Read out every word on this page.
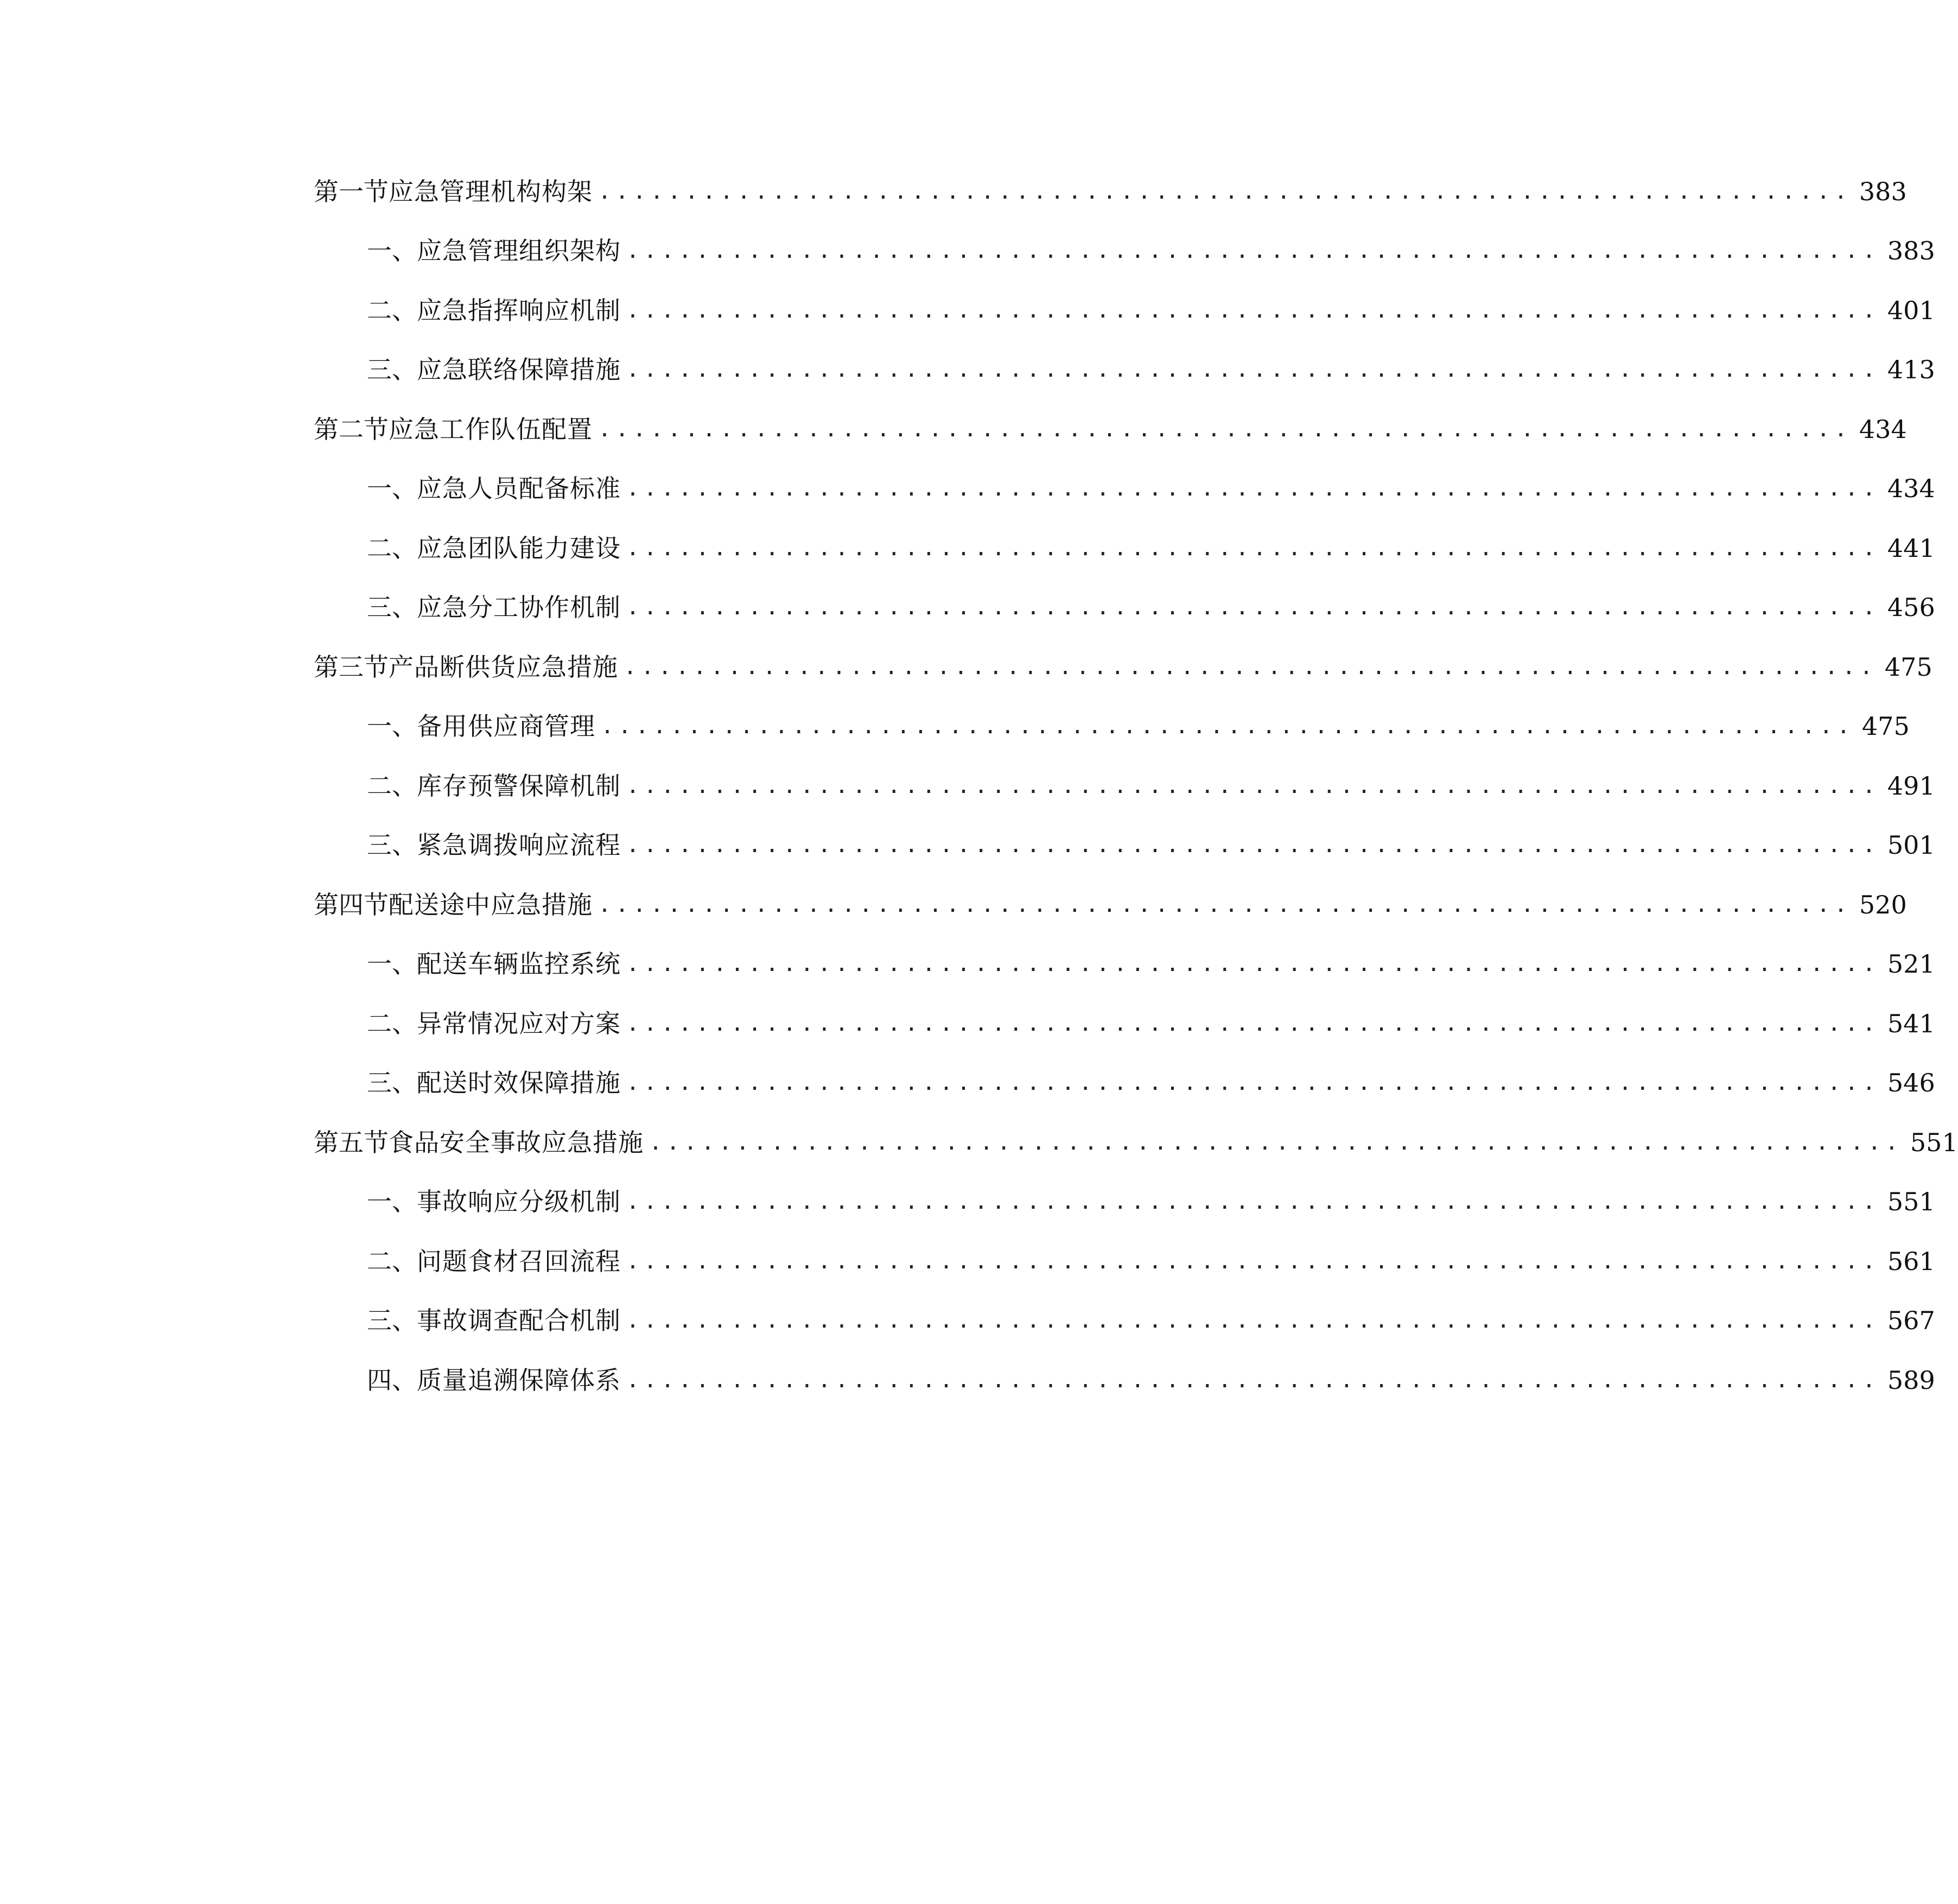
第一节 应急管理机构构架 ........................................................................ 383
一、 应急管理组织架构 ........................................................................ 383
二、 应急指挥响应机制 ........................................................................ 401
三、 应急联络保障措施 ........................................................................ 413
第二节 应急工作队伍配置 ........................................................................ 434
一、 应急人员配备标准 ........................................................................ 434
二、 应急团队能力建设 ........................................................................ 441
三、 应急分工协作机制 ........................................................................ 456
第三节 产品断供货应急措施 ........................................................................ 475
一、 备用供应商管理 ........................................................................ 475
二、 库存预警保障机制 ........................................................................ 491
三、 紧急调拨响应流程 ........................................................................ 501
第四节 配送途中应急措施 ........................................................................ 520
一、 配送车辆监控系统 ........................................................................ 521
二、 异常情况应对方案 ........................................................................ 541
三、 配送时效保障措施 ........................................................................ 546
第五节 食品安全事故应急措施 ........................................................................ 551
一、 事故响应分级机制 ........................................................................ 551
二、 问题食材召回流程 ........................................................................ 561
三、 事故调查配合机制 ........................................................................ 567
四、 质量追溯保障体系 ........................................................................ 589
